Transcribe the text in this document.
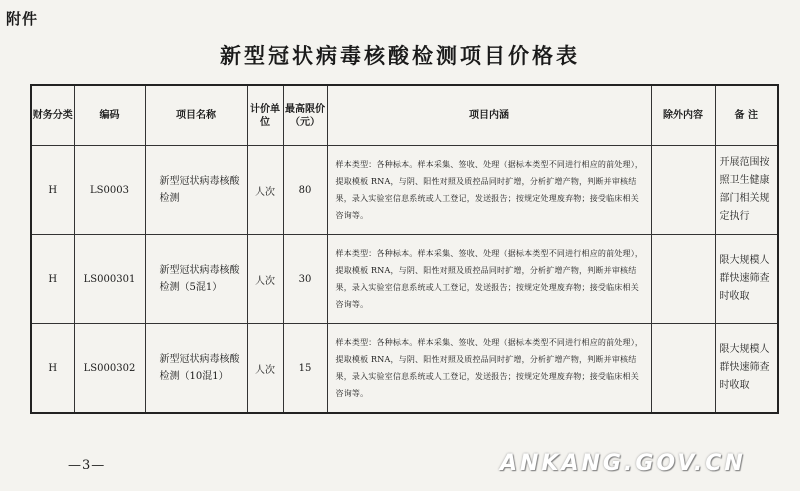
附件
新型冠状病毒核酸检测项目价格表
财务分类	编码	项目名称	计价单位	最高限价（元）	项目内涵	除外内容	备 注
H	LS0003	新型冠状病毒核酸检测	人次	80	样本类型：各种标本。样本采集、签收、处理（据标本类型不同进行相应的前处理），提取模板 RNA，与阴、阳性对照及质控品同时扩增，分析扩增产物，判断并审核结果，录入实验室信息系统或人工登记，发送报告；按规定处理废弃物；接受临床相关咨询等。		开展范围按照卫生健康部门相关规定执行
H	LS000301	新型冠状病毒核酸检测（5混1）	人次	30	样本类型：各种标本。样本采集、签收、处理（据标本类型不同进行相应的前处理），提取模板 RNA，与阴、阳性对照及质控品同时扩增，分析扩增产物，判断并审核结果，录入实验室信息系统或人工登记，发送报告；按规定处理废弃物；接受临床相关咨询等。		限大规模人群快速筛查时收取
H	LS000302	新型冠状病毒核酸检测（10混1）	人次	15	样本类型：各种标本。样本采集、签收、处理（据标本类型不同进行相应的前处理），提取模板 RNA，与阴、阳性对照及质控品同时扩增，分析扩增产物，判断并审核结果，录入实验室信息系统或人工登记，发送报告；按规定处理废弃物；接受临床相关咨询等。		限大规模人群快速筛查时收取
—3—	ANKANG.GOV.CN
